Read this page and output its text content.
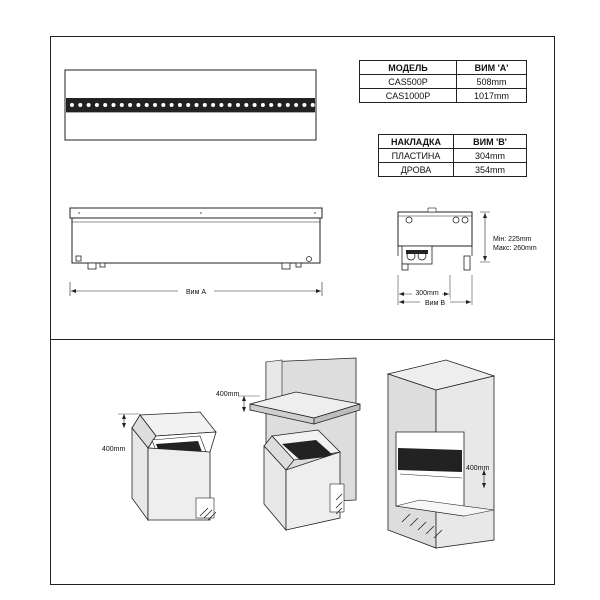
МОДЕЛЬ	ВИМ 'A'
CAS500P	508mm
CAS1000P	1017mm
НАКЛАДКА	ВИМ 'B'
ПЛАСТИНА	304mm
ДРОВА	354mm
Вим A
Мін: 225mm
Макс: 260mm
300mm
Вим B
400mm
400mm
400mm
